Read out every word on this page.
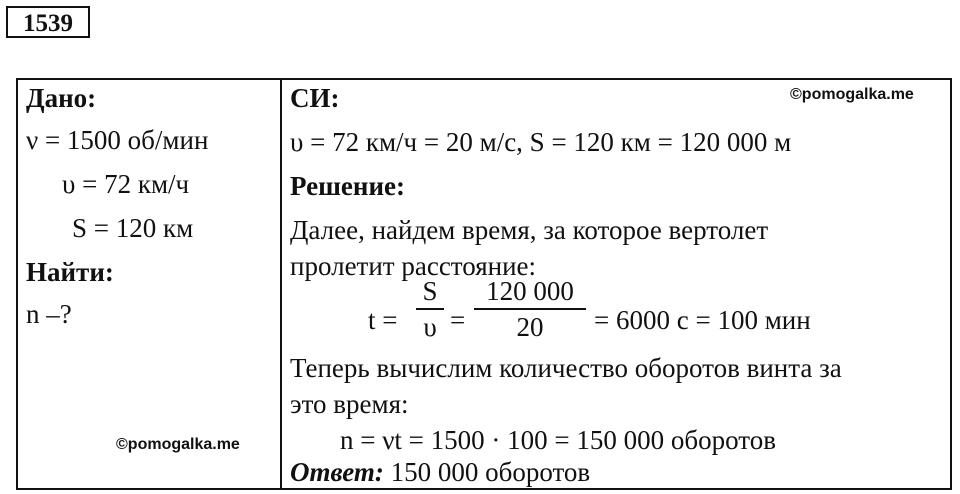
1539
Дано:
ν = 1500 об/мин
υ = 72 км/ч
S = 120 км
Найти:
n –?
©pomogalka.me
СИ:	©pomogalka.me
υ = 72 км/ч = 20 м/с, S = 120 км = 120 000 м
Решение:
Далее, найдем время, за которое вертолет
пролетит расстояние:
t =
S
υ =
120 000
20	= 6000 с = 100 мин
Теперь вычислим количество оборотов винта за
это время:
n = νt = 1500 · 100 = 150 000 оборотов
Ответ: 150 000 оборотов
